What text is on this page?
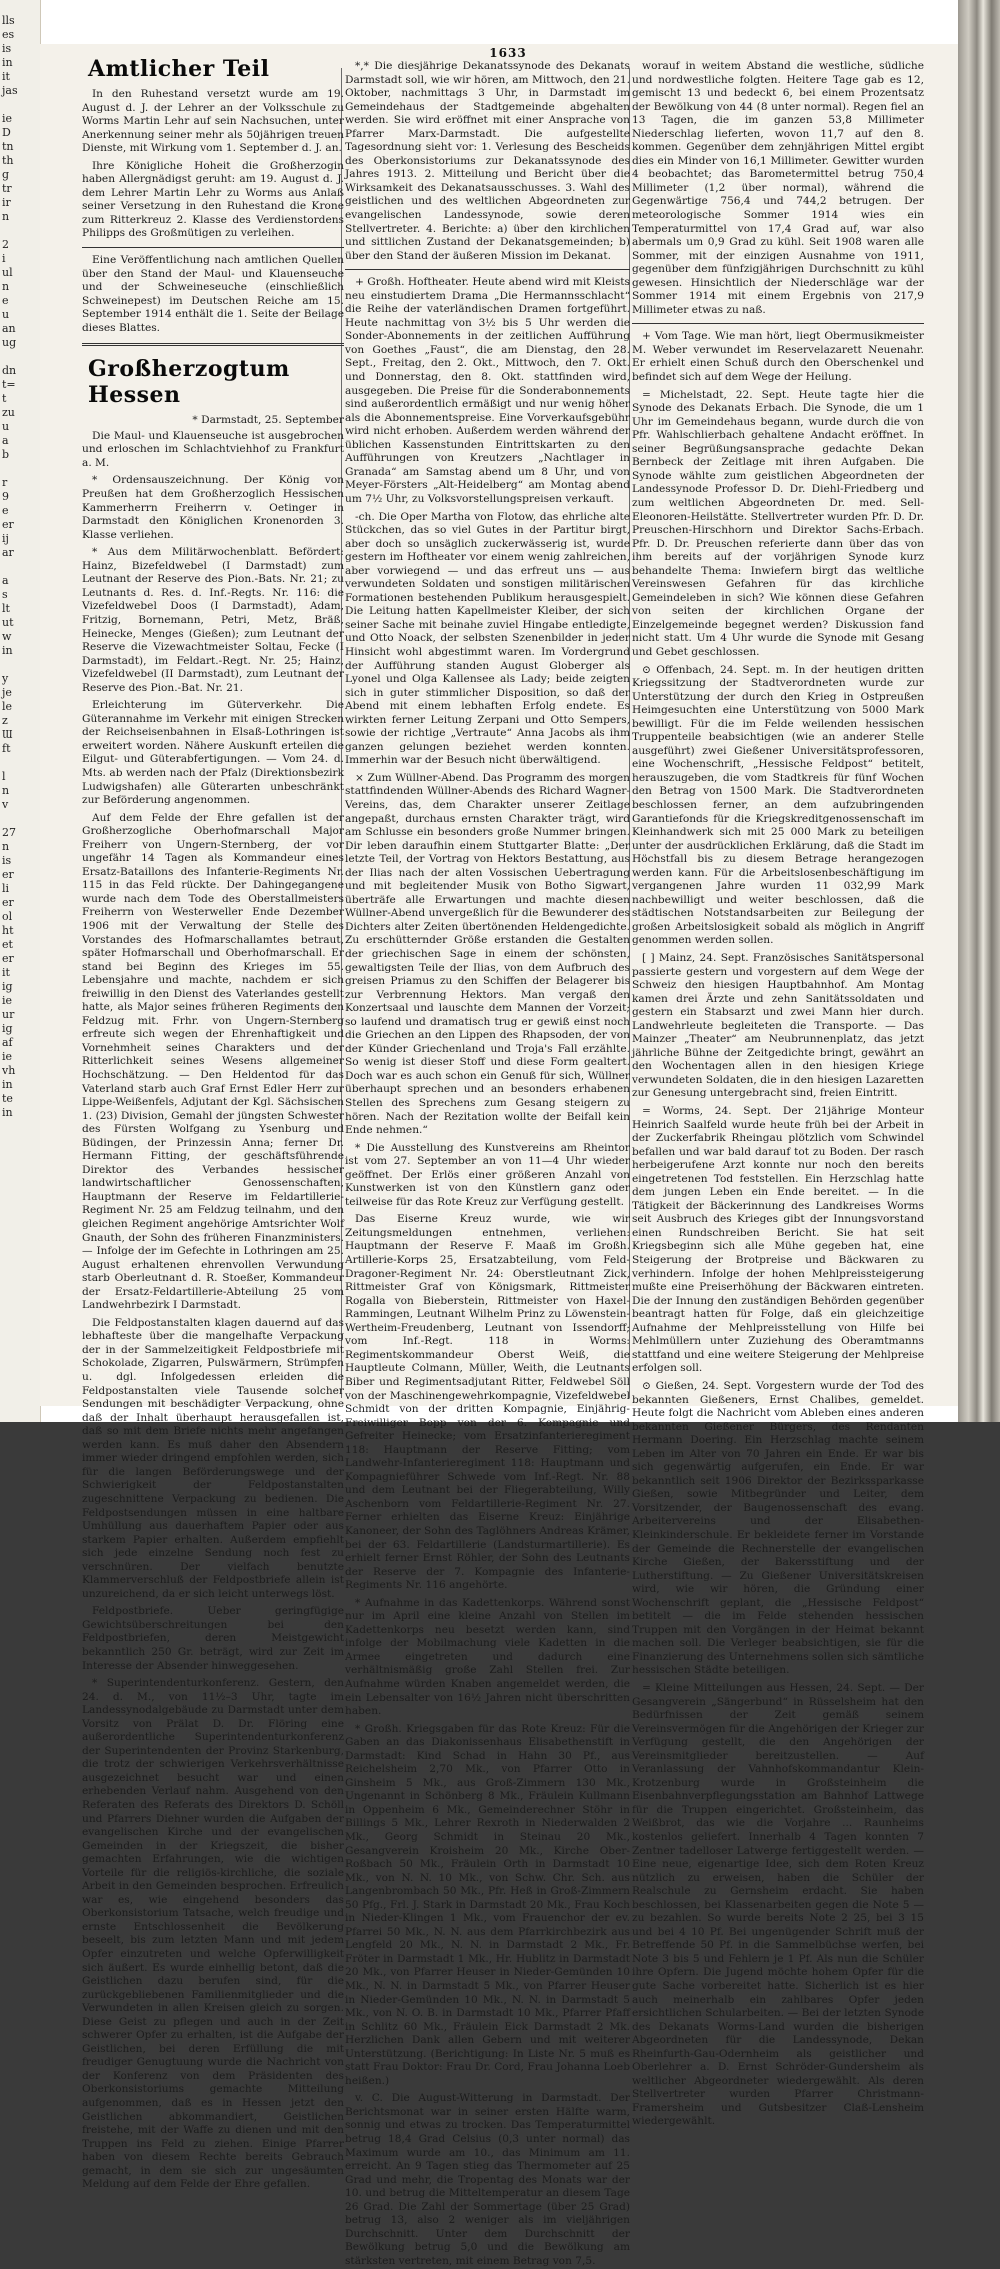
lls
es
is
in
it
jas

ie
D
tn
th
g
tr
ir
n

2
i
ul
n
e
u
an
ug

dn
t=
t
zu
u
a
b

r
9
e
er
ij
ar

a
s
lt
ut
w
in

y
je
le
z
Ɯ
ft

l
n
v

27
n
is
er
li
er
ol
ht
et
er
it
ig
ie
ur
ig
af
ie
vh
in
te
in
1633
Amtlicher Teil

In den Ruhestand versetzt wurde am 19. August d. J. der Lehrer an der Volksschule zu Worms Martin Lehr auf sein Nachsuchen, unter Anerkennung seiner mehr als 50jährigen treuen Dienste, mit Wirkung vom 1. September d. J. an.

Ihre Königliche Hoheit die Großherzogin haben Allergnädigst geruht: am 19. August d. J. dem Lehrer Martin Lehr zu Worms aus Anlaß seiner Versetzung in den Ruhestand die Krone zum Ritterkreuz 2. Klasse des Verdienstordens Philipps des Großmütigen zu verleihen.

Eine Veröffentlichung nach amtlichen Quellen über den Stand der Maul- und Klauenseuche und der Schweineseuche (einschließlich Schweinepest) im Deutschen Reiche am 15. September 1914 enthält die 1. Seite der Beilage dieses Blattes.

Großherzogtum Hessen

* Darmstadt, 25. September

Die Maul- und Klauenseuche ist ausgebrochen und erloschen im Schlachtviehhof zu Frankfurt a. M.

* Ordensauszeichnung. Der König von Preußen hat dem Großherzoglich Hessischen Kammerherrn Freiherrn v. Oetinger in Darmstadt den Königlichen Kronenorden 3. Klasse verliehen.

* Aus dem Militärwochenblatt. Befördert: Hainz, Bizefeldwebel (I Darmstadt) zum Leutnant der Reserve des Pion.-Bats. Nr. 21; zu Leutnants d. Res. d. Inf.-Regts. Nr. 116: die Vizefeldwebel Doos (I Darmstadt), Adam, Fritzig, Bornemann, Petri, Metz, Bräß, Heinecke, Menges (Gießen); zum Leutnant der Reserve die Vizewachtmeister Soltau, Fecke (I Darmstadt), im Feldart.-Regt. Nr. 25; Hainz, Vizefeldwebel (II Darmstadt), zum Leutnant der Reserve des Pion.-Bat. Nr. 21.

Erleichterung im Güterverkehr. Die Güterannahme im Verkehr mit einigen Strecken der Reichseisenbahnen in Elsaß-Lothringen ist erweitert worden. Nähere Auskunft erteilen die Eilgut- und Güterabfertigungen. — Vom 24. d. Mts. ab werden nach der Pfalz (Direktionsbezirk Ludwigshafen) alle Güterarten unbeschränkt zur Beförderung angenommen.

Auf dem Felde der Ehre gefallen ist der Großherzogliche Oberhofmarschall Major Freiherr von Ungern-Sternberg, der vor ungefähr 14 Tagen als Kommandeur eines Ersatz-Bataillons des Infanterie-Regiments Nr. 115 in das Feld rückte. Der Dahingegangene wurde nach dem Tode des Oberstallmeisters Freiherrn von Westerweller Ende Dezember 1906 mit der Verwaltung der Stelle des Vorstandes des Hofmarschallamtes betraut, später Hofmarschall und Oberhofmarschall. Er stand bei Beginn des Krieges im 55. Lebensjahre und machte, nachdem er sich freiwillig in den Dienst des Vaterlandes gestellt hatte, als Major seines früheren Regiments den Feldzug mit. Frhr. von Ungern-Sternberg erfreute sich wegen der Ehrenhaftigkeit und Vornehmheit seines Charakters und der Ritterlichkeit seines Wesens allgemeiner Hochschätzung. — Den Heldentod für das Vaterland starb auch Graf Ernst Edler Herr zur Lippe-Weißenfels, Adjutant der Kgl. Sächsischen 1. (23) Division, Gemahl der jüngsten Schwester des Fürsten Wolfgang zu Ysenburg und Büdingen, der Prinzessin Anna; ferner Dr. Hermann Fitting, der geschäftsführende Direktor des Verbandes hessischer landwirtschaftlicher Genossenschaften, Hauptmann der Reserve im Feldartillerie-Regiment Nr. 25 am Feldzug teilnahm, und den gleichen Regiment angehörige Amtsrichter Wolf Gnauth, der Sohn des früheren Finanzministers. — Infolge der im Gefechte in Lothringen am 25. August erhaltenen ehrenvollen Verwundung starb Oberleutnant d. R. Stoeßer, Kommandeur der Ersatz-Feldartillerie-Abteilung 25 vom Landwehrbezirk I Darmstadt.

Die Feldpostanstalten klagen dauernd auf das lebhafteste über die mangelhafte Verpackung der in der Sammelzeitigkeit Feldpostbriefe mit Schokolade, Zigarren, Pulswärmern, Strümpfen u. dgl. Infolgedessen erleiden die Feldpostanstalten viele Tausende solcher Sendungen mit beschädigter Verpackung, ohne daß der Inhalt überhaupt herausgefallen ist, daß so mit dem Briefe nichts mehr angefangen werden kann. Es muß daher den Absendern immer wieder dringend empfohlen werden, sich für die langen Beförderungswege und der Schwierigkeit der Feldpostanstalten zugeschnittene Verpackung zu bedienen. Die Feldpostsendungen müssen in eine haltbare Umhüllung aus dauerhaftem Papier oder aus starkem Papier erhalten. Außerdem empfiehlt sich jede einzelne Sendung noch fest zu verschnüren. Der vielfach benutzte Klammerverschluß der Feldpostbriefe allein ist unzureichend, da er sich leicht unterwegs löst.

Feldpostbriefe. Ueber geringfügige Gewichtsüberschreitungen bei den Feldpostbriefen, deren Meistgewicht bekanntlich 250 Gr. beträgt, wird zur Zeit im Interesse der Absender hinweggesehen.

* Superintendenturkonferenz. Gestern, den 24. d. M., von 11½–3 Uhr, tagte im Landessynodalgebäude zu Darmstadt unter dem Vorsitz von Prälat D. Dr. Flöring eine außerordentliche Superintendenturkonferenz der Superintendenten der Provinz Starkenburg, die trotz der schwierigen Verkehrsverhältnisse ausgezeichnet besucht war und einen erhebenden Verlauf nahm. Ausgehend von den Referaten des Referats des Direktors D. Schöll und Pfarrers Diehner wurden die Aufgaben der evangelischen Kirche und der evangelischen Gemeinden in der Kriegszeit, die bisher gemachten Erfahrungen, wie die wichtigen Vorteile für die religiös-kirchliche, die soziale Arbeit in den Gemeinden besprochen. Erfreulich war es, wie eingehend besonders das Oberkonsistorium Tatsache, welch freudige und ernste Entschlossenheit die Bevölkerung beseelt, bis zum letzten Mann und mit jedem Opfer einzutreten und welche Opferwilligkeit sich äußert. Es wurde einhellig betont, daß die Geistlichen dazu berufen sind, für die zurückgebliebenen Familienmitglieder und die Verwundeten in allen Kreisen gleich zu sorgen. Diese Geist zu pflegen und auch in der Zeit schwerer Opfer zu erhalten, ist die Aufgabe der Geistlichen, bei deren Erfüllung die mit freudiger Genugtuung wurde die Nachricht von der Konferenz von dem Präsidenten des Oberkonsistoriums gemachte Mitteilung aufgenommen, daß es in Hessen jetzt den Geistlichen abkommandiert, Geistlichen freistehe, mit der Waffe zu dienen und mit den Truppen ins Feld zu ziehen. Einige Pfarrer haben von diesem Rechte bereits Gebrauch gemacht, in dem sie sich zur ungesäumten Meldung auf dem Felde der Ehre gefallen.

*,* Die diesjährige Dekanatssynode des Dekanats Darmstadt soll, wie wir hören, am Mittwoch, den 21. Oktober, nachmittags 3 Uhr, in Darmstadt im Gemeindehaus der Stadtgemeinde abgehalten werden. Sie wird eröffnet mit einer Ansprache von Pfarrer Marx-Darmstadt. Die aufgestellte Tagesordnung sieht vor: 1. Verlesung des Bescheids des Oberkonsistoriums zur Dekanatssynode des Jahres 1913. 2. Mitteilung und Bericht über die Wirksamkeit des Dekanatsausschusses. 3. Wahl des geistlichen und des weltlichen Abgeordneten zur evangelischen Landessynode, sowie deren Stellvertreter. 4. Berichte: a) über den kirchlichen und sittlichen Zustand der Dekanatsgemeinden; b) über den Stand der äußeren Mission im Dekanat.

+ Großh. Hoftheater. Heute abend wird mit Kleists neu einstudiertem Drama „Die Hermannsschlacht“ die Reihe der vaterländischen Dramen fortgeführt. Heute nachmittag von 3½ bis 5 Uhr werden die Sonder-Abonnements in der zeitlichen Aufführung von Goethes „Faust“, die am Dienstag, den 28. Sept., Freitag, den 2. Okt., Mittwoch, den 7. Okt. und Donnerstag, den 8. Okt. stattfinden wird, ausgegeben. Die Preise für die Sonderabonnements sind außerordentlich ermäßigt und nur wenig höher als die Abonnementspreise. Eine Vorverkaufsgebühr wird nicht erhoben. Außerdem werden während der üblichen Kassenstunden Eintrittskarten zu den Aufführungen von Kreutzers „Nachtlager in Granada“ am Samstag abend um 8 Uhr, und von Meyer-Försters „Alt-Heidelberg“ am Montag abend um 7½ Uhr, zu Volksvorstellungspreisen verkauft.

-ch. Die Oper Martha von Flotow, das ehrliche alte Stückchen, das so viel Gutes in der Partitur birgt, aber doch so unsäglich zuckerwässerig ist, wurde gestern im Hoftheater vor einem wenig zahlreichen, aber vorwiegend — und das erfreut uns — aus verwundeten Soldaten und sonstigen militärischen Formationen bestehenden Publikum herausgespielt. Die Leitung hatten Kapellmeister Kleiber, der sich seiner Sache mit beinahe zuviel Hingabe entledigte, und Otto Noack, der selbsten Szenenbilder in jeder Hinsicht wohl abgestimmt waren. Im Vordergrund der Aufführung standen August Globerger als Lyonel und Olga Kallensee als Lady; beide zeigten sich in guter stimmlicher Disposition, so daß der Abend mit einem lebhaften Erfolg endete. Es wirkten ferner Leitung Zerpani und Otto Sempers, sowie der richtige „Vertraute“ Anna Jacobs als ihm ganzen gelungen beziehet werden konnten. Immerhin war der Besuch nicht überwältigend.

× Zum Wüllner-Abend. Das Programm des morgen stattfindenden Wüllner-Abends des Richard Wagner-Vereins, das, dem Charakter unserer Zeitlage angepaßt, durchaus ernsten Charakter trägt, wird am Schlusse ein besonders große Nummer bringen. Dir leben daraufhin einem Stuttgarter Blatte: „Der letzte Teil, der Vortrag von Hektors Bestattung, aus der Ilias nach der alten Vossischen Uebertragung und mit begleitender Musik von Botho Sigwart, überträfe alle Erwartungen und machte diesen Wüllner-Abend unvergeßlich für die Bewunderer des Dichters alter Zeiten übertönenden Heldengedichte. Zu erschütternder Größe erstanden die Gestalten der griechischen Sage in einem der schönsten, gewaltigsten Teile der Ilias, von dem Aufbruch des greisen Priamus zu den Schiffen der Belagerer bis zur Verbrennung Hektors. Man vergaß den Konzertsaal und lauschte dem Mannen der Vorzeit; so laufend und dramatisch trug er gewiß einst noch die Griechen an den Lippen des Rhapsoden, der von der Künder Griechenland und Troja's Fall erzählte. So wenig ist dieser Stoff und diese Form gealtert. Doch war es auch schon ein Genuß für sich, Wüllner überhaupt sprechen und an besonders erhabenen Stellen des Sprechens zum Gesang steigern zu hören. Nach der Rezitation wollte der Beifall kein Ende nehmen.“

* Die Ausstellung des Kunstvereins am Rheintor ist vom 27. September an von 11—4 Uhr wieder geöffnet. Der Erlös einer größeren Anzahl von Kunstwerken ist von den Künstlern ganz oder teilweise für das Rote Kreuz zur Verfügung gestellt.

Das Eiserne Kreuz wurde, wie wir Zeitungsmeldungen entnehmen, verliehen: Hauptmann der Reserve F. Maaß im Großh. Artillerie-Korps 25, Ersatzabteilung, vom Feld-Dragoner-Regiment Nr. 24: Oberstleutnant Zick, Rittmeister Graf von Königsmark, Rittmeister Rogalla von Bieberstein, Rittmeister von Haxel-Rammingen, Leutnant Wilhelm Prinz zu Löwenstein-Wertheim-Freudenberg, Leutnant von Issendorff; vom Inf.-Regt. 118 in Worms: Regimentskommandeur Oberst Weiß, die Hauptleute Colmann, Müller, Weith, die Leutnants Biber und Regimentsadjutant Ritter, Feldwebel Söll von der Maschinengewehrkompagnie, Vizefeldwebel Schmidt von der dritten Kompagnie, Einjährig-Freiwilliger Bopp von der 6. Kompagnie und Gefreiter Heinecke; vom Ersatzinfanterieregiment 118: Hauptmann der Reserve Fitting; vom Landwehr-Infanterieregiment 118: Hauptmann und Kompagnieführer Schwede vom Inf.-Regt. Nr. 88 und dem Leutnant bei der Fliegerabteilung, Willy Aschenborn vom Feldartillerie-Regiment Nr. 27. Ferner erhielten das Eiserne Kreuz: Einjährige Kanoneer, der Sohn des Taglöhners Andreas Krämer, bei der 63. Feldartillerie (Landsturmartillerie). Es erhielt ferner Ernst Röhler, der Sohn des Leutnants der Reserve der 7. Kompagnie des Infanterie-Regiments Nr. 116 angehörte.

* Aufnahme in das Kadettenkorps. Während sonst nur im April eine kleine Anzahl von Stellen im Kadettenkorps neu besetzt werden kann, sind infolge der Mobilmachung viele Kadetten in die Armee eingetreten und dadurch eine verhältnismäßig große Zahl Stellen frei. Zur Aufnahme würden Knaben angemeldet werden, die ein Lebensalter von 16½ Jahren nicht überschritten haben.

* Großh. Kriegsgaben für das Rote Kreuz: Für die Gaben an das Diakonissenhaus Elisabethenstift in Darmstadt: Kind Schad in Hahn 30 Pf., aus Reichelsheim 2,70 Mk., von Pfarrer Otto in Ginsheim 5 Mk., aus Groß-Zimmern 130 Mk., Ungenannt in Schönberg 8 Mk., Fräulein Kullmann in Oppenheim 6 Mk., Gemeinderechner Stöhr in Billings 5 Mk., Lehrer Rexroth in Niederwalden 2 Mk., Georg Schmidt in Steinau 20 Mk., Gesangverein Kroisheim 20 Mk., Kirche Ober-Roßbach 50 Mk., Fräulein Orth in Darmstadt 10 Mk., von N. N. 10 Mk., von Schw. Chr. Sch. aus Langenbrombach 50 Mk., Pfr. Heß in Groß-Zimmern 50 Pfg., Frl. J. Stark in Darmstadt 20 Mk., Frau Koch in Nieder-Klingen 1 Mk., vom Frauenchor der ev. Pfarrei 50 Mk., N. N. aus dem Pfarrkirchbezirk aus Lengfeld 20 Mk., N. N. in Darmstadt 2 Mk., Fr. Fröter in Darmstadt 1 Mk., Hr. Hublitz in Darmstadt 20 Mk., von Pfarrer Heuser in Nieder-Gemünden 10 Mk., N. N. in Darmstadt 5 Mk., von Pfarrer Heuser in Nieder-Gemünden 10 Mk., N. N. in Darmstadt 5 Mk., von N. O. B. in Darmstadt 10 Mk., Pfarrer Pfaff in Schlitz 60 Mk., Fräulein Eick Darmstadt 2 Mk. Herzlichen Dank allen Gebern und mit weiterer Unterstützung. (Berichtigung: In Liste Nr. 5 muß es statt Frau Doktor: Frau Dr. Cord, Frau Johanna Loeb heißen.)

v. C. Die August-Witterung in Darmstadt. Der Berichtsmonat war in seiner ersten Hälfte warm, sonnig und etwas zu trocken. Das Temperaturmittel betrug 18,4 Grad Celsius (0,3 unter normal) das Maximum wurde am 10., das Minimum am 11. erreicht. An 9 Tagen stieg das Thermometer auf 25 Grad und mehr, die Tropentag des Monats war der 10. und betrug die Mitteltemperatur an diesem Tage 26 Grad. Die Zahl der Sommertage (über 25 Grad) betrug 13, also 2 weniger als im vieljährigen Durchschnitt. Unter dem Durchschnitt der Bewölkung betrug 5,0 und die Bewölkung am stärksten vertreten, mit einem Betrag von 7,5.

worauf in weitem Abstand die westliche, südliche und nordwestliche folgten. Heitere Tage gab es 12, gemischt 13 und bedeckt 6, bei einem Prozentsatz der Bewölkung von 44 (8 unter normal). Regen fiel an 13 Tagen, die im ganzen 53,8 Millimeter Niederschlag lieferten, wovon 11,7 auf den 8. kommen. Gegenüber dem zehnjährigen Mittel ergibt dies ein Minder von 16,1 Millimeter. Gewitter wurden 4 beobachtet; das Barometermittel betrug 750,4 Millimeter (1,2 über normal), während die Gegenwärtige 756,4 und 744,2 betrugen. Der meteorologische Sommer 1914 wies ein Temperaturmittel von 17,4 Grad auf, war also abermals um 0,9 Grad zu kühl. Seit 1908 waren alle Sommer, mit der einzigen Ausnahme von 1911, gegenüber dem fünfzigjährigen Durchschnitt zu kühl gewesen. Hinsichtlich der Niederschläge war der Sommer 1914 mit einem Ergebnis von 217,9 Millimeter etwas zu naß.

+ Vom Tage. Wie man hört, liegt Obermusikmeister M. Weber verwundet im Reservelazarett Neuenahr. Er erhielt einen Schuß durch den Oberschenkel und befindet sich auf dem Wege der Heilung.

= Michelstadt, 22. Sept. Heute tagte hier die Synode des Dekanats Erbach. Die Synode, die um 1 Uhr im Gemeindehaus begann, wurde durch die von Pfr. Wahlschlierbach gehaltene Andacht eröffnet. In seiner Begrüßungsansprache gedachte Dekan Bernbeck der Zeitlage mit ihren Aufgaben. Die Synode wählte zum geistlichen Abgeordneten der Landessynode Professor D. Dr. Diehl-Friedberg und zum weltlichen Abgeordneten Dr. med. Sell-Eleonoren-Heilstätte. Stellvertreter wurden Pfr. D. Dr. Preuschen-Hirschhorn und Direktor Sachs-Erbach. Pfr. D. Dr. Preuschen referierte dann über das von ihm bereits auf der vorjährigen Synode kurz behandelte Thema: Inwiefern birgt das weltliche Vereinswesen Gefahren für das kirchliche Gemeindeleben in sich? Wie können diese Gefahren von seiten der kirchlichen Organe der Einzelgemeinde begegnet werden? Diskussion fand nicht statt. Um 4 Uhr wurde die Synode mit Gesang und Gebet geschlossen.

⊙ Offenbach, 24. Sept. m. In der heutigen dritten Kriegssitzung der Stadtverordneten wurde zur Unterstützung der durch den Krieg in Ostpreußen Heimgesuchten eine Unterstützung von 5000 Mark bewilligt. Für die im Felde weilenden hessischen Truppenteile beabsichtigen (wie an anderer Stelle ausgeführt) zwei Gießener Universitätsprofessoren, eine Wochenschrift, „Hessische Feldpost“ betitelt, herauszugeben, die vom Stadtkreis für fünf Wochen den Betrag von 1500 Mark. Die Stadtverordneten beschlossen ferner, an dem aufzubringenden Garantiefonds für die Kriegskreditgenossenschaft im Kleinhandwerk sich mit 25 000 Mark zu beteiligen unter der ausdrücklichen Erklärung, daß die Stadt im Höchstfall bis zu diesem Betrage herangezogen werden kann. Für die Arbeitslosenbeschäftigung im vergangenen Jahre wurden 11 032,99 Mark nachbewilligt und weiter beschlossen, daß die städtischen Notstandsarbeiten zur Beilegung der großen Arbeitslosigkeit sobald als möglich in Angriff genommen werden sollen.

[ ] Mainz, 24. Sept. Französisches Sanitätspersonal passierte gestern und vorgestern auf dem Wege der Schweiz den hiesigen Hauptbahnhof. Am Montag kamen drei Ärzte und zehn Sanitätssoldaten und gestern ein Stabsarzt und zwei Mann hier durch. Landwehrleute begleiteten die Transporte. — Das Mainzer „Theater“ am Neubrunnenplatz, das jetzt jährliche Bühne der Zeitgedichte bringt, gewährt an den Wochentagen allen in den hiesigen Kriege verwundeten Soldaten, die in den hiesigen Lazaretten zur Genesung untergebracht sind, freien Eintritt.

= Worms, 24. Sept. Der 21jährige Monteur Heinrich Saalfeld wurde heute früh bei der Arbeit in der Zuckerfabrik Rheingau plötzlich vom Schwindel befallen und war bald darauf tot zu Boden. Der rasch herbeigerufene Arzt konnte nur noch den bereits eingetretenen Tod feststellen. Ein Herzschlag hatte dem jungen Leben ein Ende bereitet. — In die Tätigkeit der Bäckerinnung des Landkreises Worms seit Ausbruch des Krieges gibt der Innungsvorstand einen Rundschreiben Bericht. Sie hat seit Kriegsbeginn sich alle Mühe gegeben hat, eine Steigerung der Brotpreise und Bäckwaren zu verhindern. Infolge der hohen Mehlpreissteigerung mußte eine Preiserhöhung der Bäckwaren eintreten. Die der Innung den zuständigen Behörden gegenüber beantragt hatten für Folge, daß ein gleichzeitige Aufnahme der Mehlpreisstellung von Hilfe bei Mehlmüllern unter Zuziehung des Oberamtmanns stattfand und eine weitere Steigerung der Mehlpreise erfolgen soll.

⊙ Gießen, 24. Sept. Vorgestern wurde der Tod des bekannten Gießeners, Ernst Chalibes, gemeldet. Heute folgt die Nachricht vom Ableben eines anderen bekannten Gießener Bürgers, des Rendanten Hermann Doering. Ein Herzschlag machte seinem Leben im Alter von 70 Jahren ein Ende. Er war bis sich gegenwärtig aufgerufen, ein Ende. Er war bekanntlich seit 1906 Direktor der Bezirkssparkasse Gießen, sowie Mitbegründer und Leiter, dem Vorsitzender, der Baugenossenschaft des evang. Arbeitervereins und der Elisabethen-Kleinkinderschule. Er bekleidete ferner im Vorstande der Gemeinde die Rechnerstelle der evangelischen Kirche Gießen, der Bakersstiftung und der Lutherstiftung. — Zu Gießener Universitätskreisen wird, wie wir hören, die Gründung einer Wochenschrift geplant, die „Hessische Feldpost“ betitelt — die im Felde stehenden hessischen Truppen mit den Vorgängen in der Heimat bekannt machen soll. Die Verleger beabsichtigen, sie für die Finanzierung des Unternehmens sollen sich sämtliche hessischen Städte beteiligen.

= Kleine Mitteilungen aus Hessen, 24. Sept. — Der Gesangverein „Sängerbund“ in Rüsselsheim hat den Bedürfnissen der Zeit gemäß seinem Vereinsvermögen für die Angehörigen der Krieger zur Verfügung gestellt, die den Angehörigen der Vereinsmitglieder bereitzustellen. — Auf Veranlassung der Vahnhofskommandantur Klein-Krotzenburg wurde in Großsteinheim die Eisenbahnverpflegungsstation am Bahnhof Lattwege für die Truppen eingerichtet. Großsteinheim, das Weißbrot, das wie die Vorjahre ... Raunheims kostenlos geliefert. Innerhalb 4 Tagen konnten 7 Zentner tadelloser Latwerge fertiggestellt werden. — Eine neue, eigenartige Idee, sich dem Roten Kreuz nützlich zu erweisen, haben die Schüler der Realschule zu Gernsheim erdacht. Sie haben beschlossen, bei Klassenarbeiten gegen die Note 5 — zu bezahlen. So wurde bereits Note 2 25, bei 3 15 und bei 4 10 Pf. Bei ungenügender Schrift muß der Betreffende 50 Pf. in die Sammelbüchse werfen, bei Note 3 bis 5 und Fehlern je 1 Pf. Als nun die Schüler ihre Opfern. Die Jugend möchte hohem Opfer für die gute Sache vorbereitet hatte. Sicherlich ist es hier auch meinerhalb ein zahlbares Opfer jeden ersichtlichen Schularbeiten. — Bei der letzten Synode des Dekanats Worms-Land wurden die bisherigen Abgeordneten für die Landessynode, Dekan Rheinfurth-Gau-Odernheim als geistlicher und Oberlehrer a. D. Ernst Schröder-Gundersheim als weltlicher Abgeordneter wiedergewählt. Als deren Stellvertreter wurden Pfarrer Christmann-Framersheim und Gutsbesitzer Claß-Lensheim wiedergewählt.
